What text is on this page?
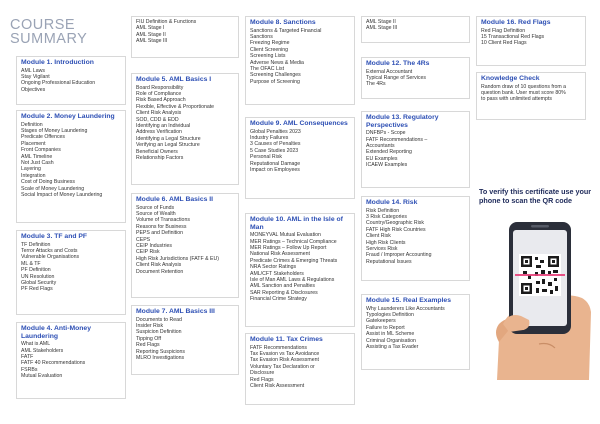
COURSE
SUMMARY
Module 1. Introduction
AML Laws
Stay Vigilant
Ongoing Professional Education
Objectives
Module 2. Money Laundering
Definition
Stages of Money Laundering
Predicate Offences
Placement
Front Companies
AML Timeline
Not Just Cash
Layering
Integration
Cost of Doing Business
Scale of Money Laundering
Social Impact of Money Laundering
Module 3. TF and PF
TF Definition
Terror Attacks and Costs
Vulnerable Organisations
ML & TF
PF Definition
UN Resolution
Global Security
PF Red Flags
Module 4. Anti-Money Laundering
What is AML
AML Stakeholders
FATF
FATF 40 Recommendations
FSRBs
Mutual Evaluation
FIU Definition & Functions
AML Stage I
AML Stage II
AML Stage III
Module 5. AML Basics I
Board Responsibility
Role of Compliance
Risk Based Approach
Flexible, Effective & Proportionate
Client Risk Analysis
SOD, CDD & EDD
Identifying an Individual
Address Verification
Identifying a Legal Structure
Verifying an Legal Structure
Beneficial Owners
Relationship Factors
Module 6. AML Basics II
Source of Funds
Source of Wealth
Volume of Transactions
Reasons for Business
PEPS and Definition
CEPS
CEIP Industries
CEIP Risk
High Risk Jurisdictions (FATF & EU)
Client Risk Analysis
Document Retention
Module 7. AML Basics III
Documents to Read
Insider Risk
Suspicion Definition
Tipping Off
Red Flags
Reporting Suspicions
MLRO Investigations
Module 8. Sanctions
Sanctions & Targeted Financial
Sanctions
Freezing Regime
Client Screening
Screening Lists
Adverse News & Media
The OFAC List
Screening Challenges
Purpose of Screening
Module 9. AML Consequences
Global Penalties 2023
Industry Failures
3 Causes of Penalties
5 Case Studies 2023
Personal Risk
Reputational Damage
Impact on Employees
Module 10. AML in the Isle of Man
MONEYVAL Mutual Evaluation
MER Ratings – Technical Compliance
MER Ratings – Follow Up Report
National Risk Assessment
Predicate Crimes & Emerging Threats
NRA Sector Ratings
AML/CFT Stakeholders
Isle of Man AML Laws & Regulations
AML Sanction and Penalties
SAR Reporting & Disclosures
Financial Crime Strategy
Module 11. Tax Crimes
FATF Recommendations
Tax Evasion vs Tax Avoidance
Tax Evasion Risk Assessment
Voluntary Tax Declaration or
Disclosure
Red Flags
Client Risk Assessment
AML Stage II
AML Stage III
Module 12. The 4Rs
External Accountant
Typical Range of Services
The 4Rs
Module 13. Regulatory Perspectives
DNFBPs - Scope
FATF Recommendations –
Accountants
Extended Reporting
EU Examples
ICAEW Examples
Module 14. Risk
Risk Definition
3 Risk Categories
Country/Geographic Risk
FATF High Risk Countries
Client Risk
High Risk Clients
Services Risk
Fraud / Improper Accounting
Reputational Issues
Module 15. Real Examples
Why Launderers Like Accountants
Typologies Definition
Gatekeepers
Failure to Report
Assist in ML Scheme
Criminal Organisation
Assisting a Tax Evader
Module 16. Red Flags
Red Flag Definition
15 Transactional Red Flags
10 Client Red Flags
Knowledge Check
Random draw of 10 questions from a
question bank. User must score 80%
to pass with unlimited attempts
To verify this certificate use your phone to scan the QR code
